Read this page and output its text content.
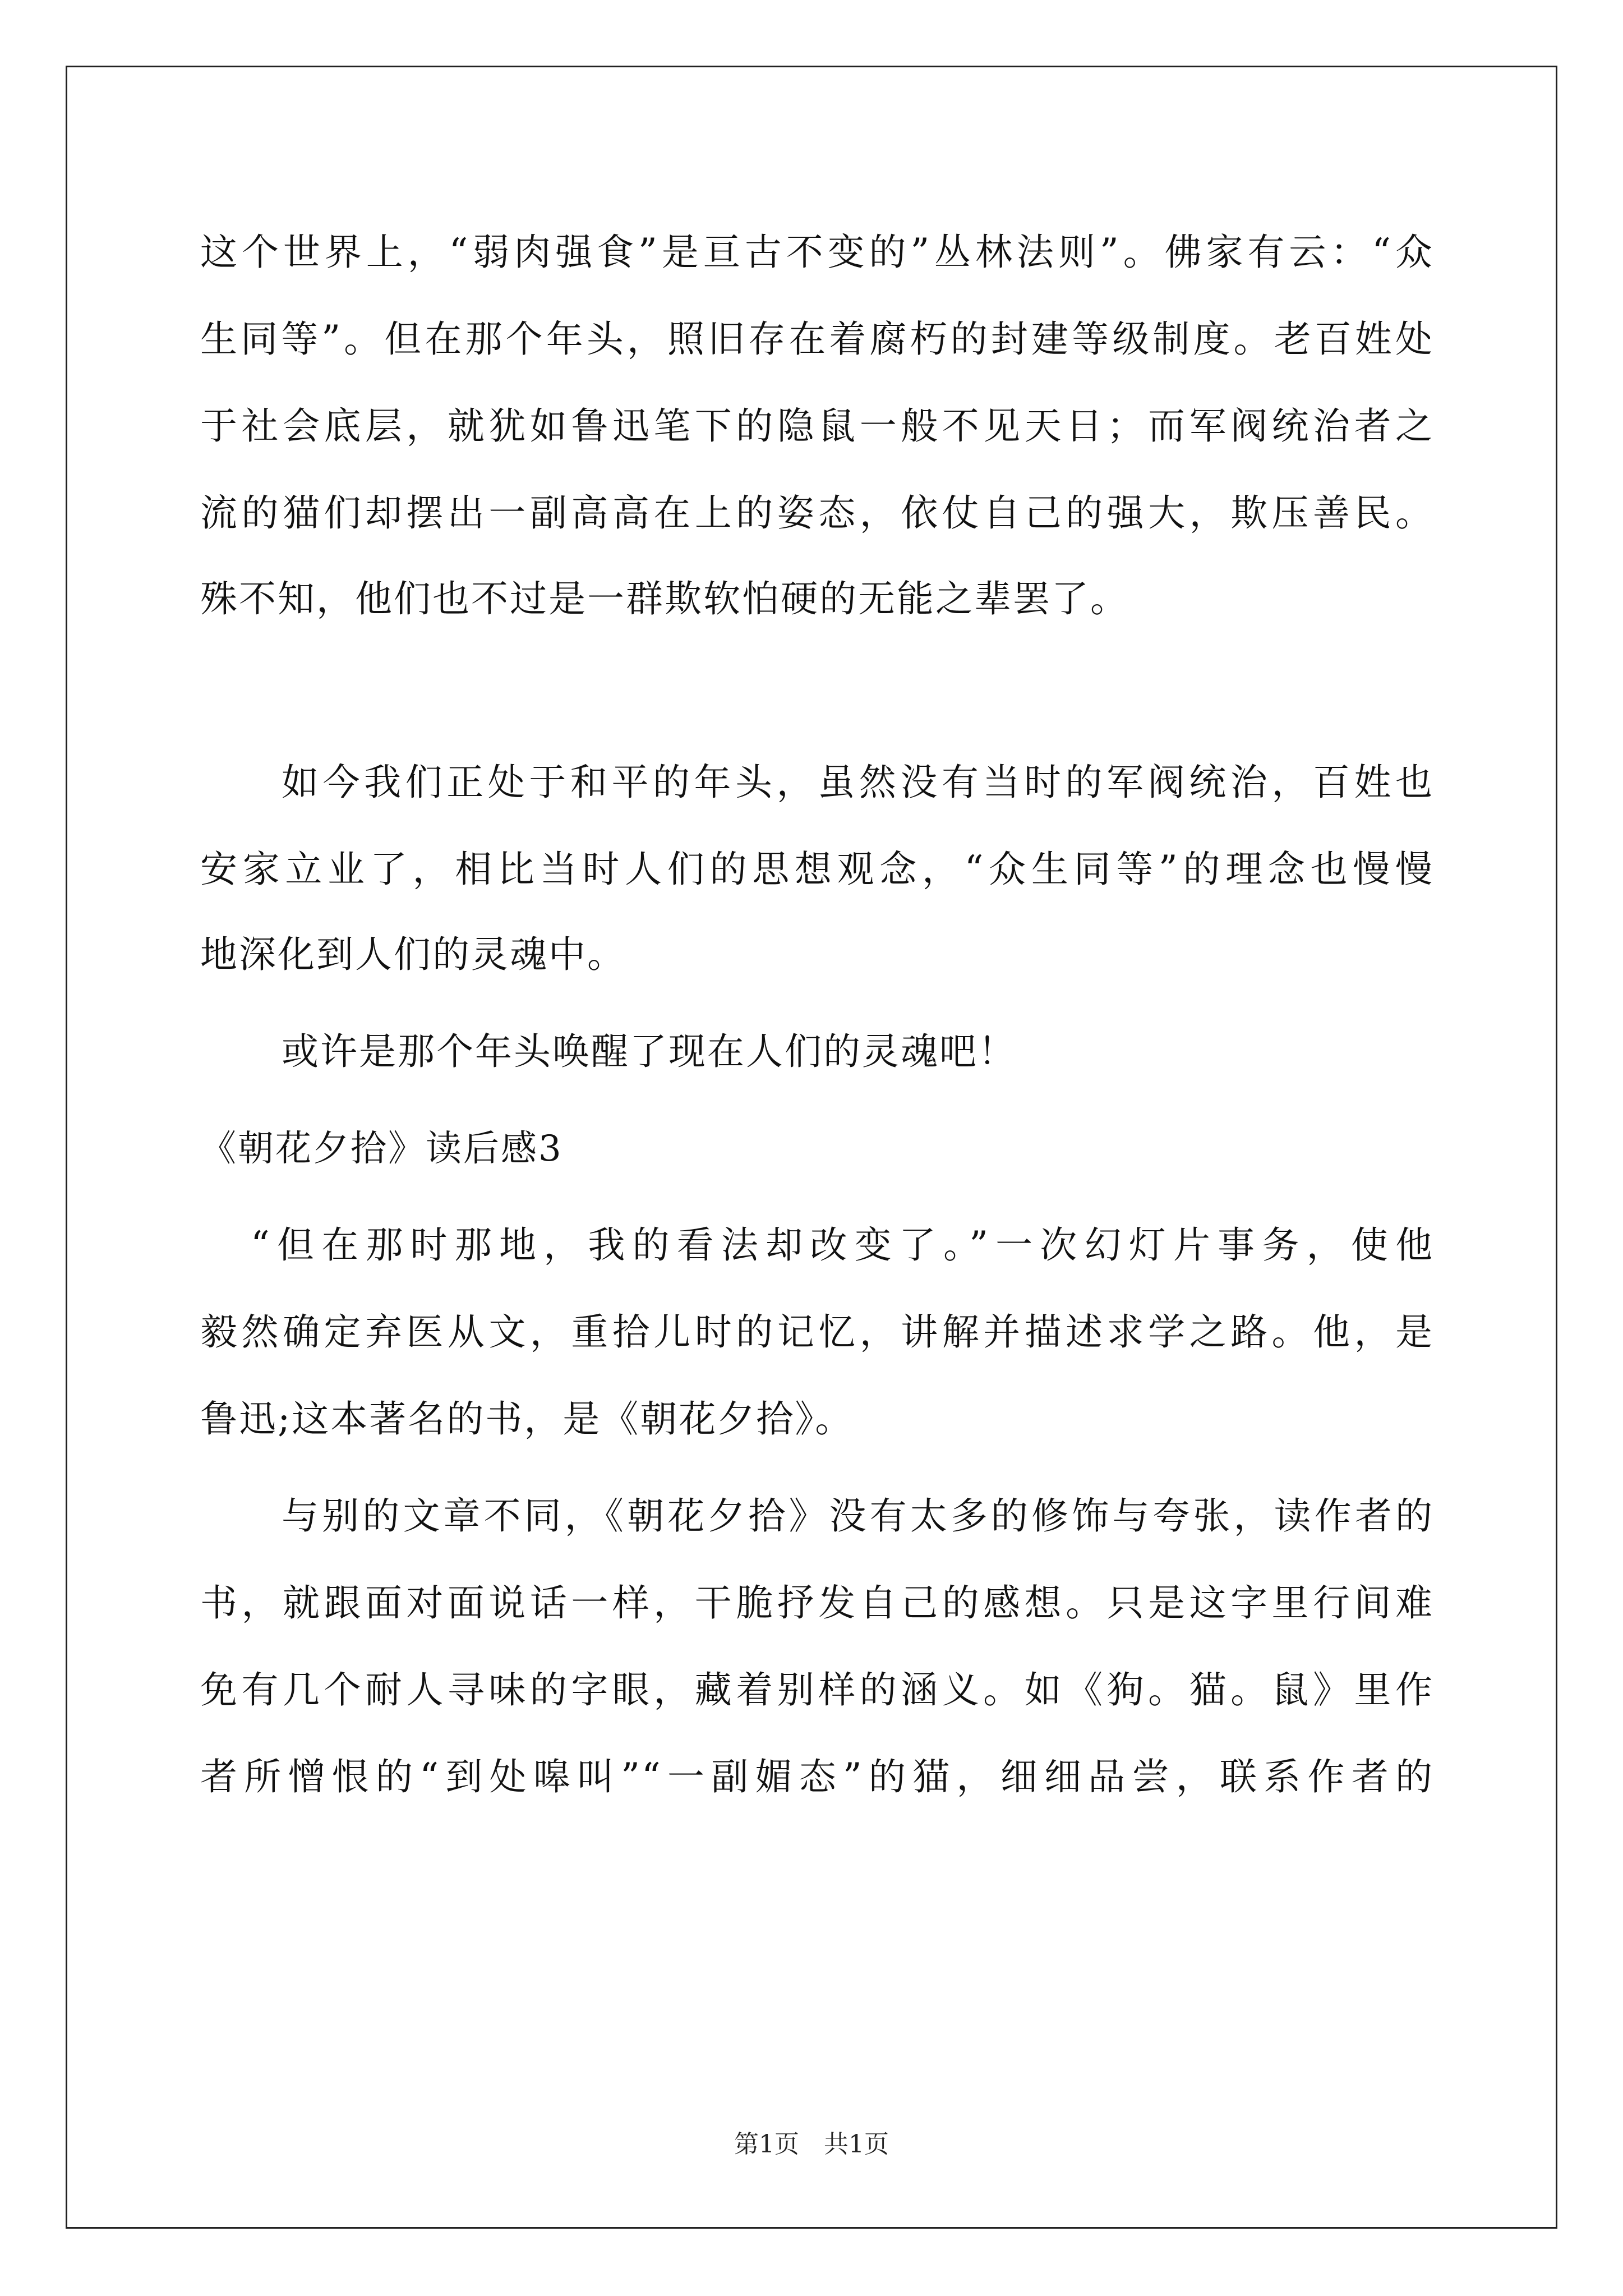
这个世界上，“弱肉强食”是亘古不变的”丛林法则”。佛家有云：“众
生同等”。但在那个年头，照旧存在着腐朽的封建等级制度。老百姓处
于社会底层，就犹如鲁迅笔下的隐鼠一般不见天日；而军阀统治者之
流的猫们却摆出一副高高在上的姿态，依仗自己的强大，欺压善民。
殊不知，他们也不过是一群欺软怕硬的无能之辈罢了。
如今我们正处于和平的年头，虽然没有当时的军阀统治，百姓也
安家立业了，相比当时人们的思想观念，“众生同等”的理念也慢慢
地深化到人们的灵魂中。
或许是那个年头唤醒了现在人们的灵魂吧！
《朝花夕拾》读后感3
“但在那时那地，我的看法却改变了。”一次幻灯片事务，使他
毅然确定弃医从文，重拾儿时的记忆，讲解并描述求学之路。他，是
鲁迅;这本著名的书，是《朝花夕拾》。
与别的文章不同，《朝花夕拾》没有太多的修饰与夸张，读作者的
书，就跟面对面说话一样，干脆抒发自己的感想。只是这字里行间难
免有几个耐人寻味的字眼，藏着别样的涵义。如《狗。猫。鼠》里作
者所憎恨的“到处嗥叫”“一副媚态”的猫，细细品尝，联系作者的
第1页　共1页
